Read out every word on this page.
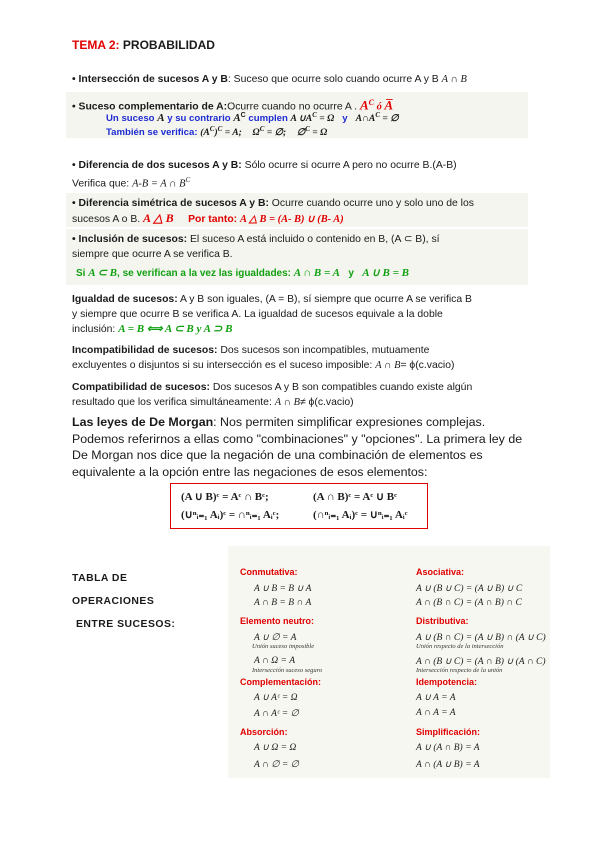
TEMA 2: PROBABILIDAD
• Intersección de sucesos A y B: Suceso que ocurre solo cuando ocurre A y B A ∩ B
• Suceso complementario de A:Ocurre cuando no ocurre A . $A^C$ ó A̅
Un suceso A y su contrario $A^C$ cumplen A $\cup A^C = \Omega$ y $A\cap A^C$ = ∅
También se verifica: $(A^C)^C = A$; $\Omega^C$ = ∅; ∅$^C$ = Ω
• Diferencia de dos sucesos A y B: Sólo ocurre si ocurre A pero no ocurre B.(A-B)
Verifica que: A-B = A ∩ $B^C$
• Diferencia simétrica de sucesos A y B: Ocurre cuando ocurre uno y solo uno de los
sucesos A o B. A △ B Por tanto: A △ B = (A- B) ∪ (B- A)
• Inclusión de sucesos: El suceso A está incluido o contenido en B, (A ⊂ B), sí
siempre que ocurre A se verifica B.
Si A ⊂ B, se verifican a la vez las igualdades: A ∩ B = A y A ∪ B = B
Igualdad de sucesos: A y B son iguales, (A = B), sí siempre que ocurre A se verifica B
y siempre que ocurre B se verifica A. La igualdad de sucesos equivale a la doble
inclusión: A = B ⟺ A ⊂ B y A ⊃ B
Incompatibilidad de sucesos: Dos sucesos son incompatibles, mutuamente
excluyentes o disjuntos si su intersección es el suceso imposible: A ∩ B= ϕ(c.vacio)
Compatibilidad de sucesos: Dos sucesos A y B son compatibles cuando existe algún
resultado que los verifica simultáneamente: A ∩ B≠ ϕ(c.vacio)
Las leyes de De Morgan: Nos permiten simplificar expresiones complejas.
Podemos referirnos a ellas como "combinaciones" y "opciones". La primera ley de
De Morgan nos dice que la negación de una combinación de elementos es
equivalente a la opción entre las negaciones de esos elementos:
(A ∪ B)ᶜ = Aᶜ ∩ Bᶜ;	(A ∩ B)ᶜ = Aᶜ ∪ Bᶜ
(∪ⁿᵢ₌₁ Aᵢ)ᶜ = ∩ⁿᵢ₌₁ Aᵢᶜ;	(∩ⁿᵢ₌₁ Aᵢ)ᶜ = ∪ⁿᵢ₌₁ Aᵢᶜ
TABLA DE
OPERACIONES
ENTRE SUCESOS:
Conmutativa:
A ∪ B = B ∪ A
A ∩ B = B ∩ A
Elemento neutro:
A ∪ ∅ = A
Unión suceso imposible
A ∩ Ω = A
Intersección suceso seguro
Complementación:
A ∪ Aᶜ = Ω
A ∩ Aᶜ = ∅
Absorción:
A ∪ Ω = Ω
A ∩ ∅ = ∅
Asociativa:
A ∪ (B ∪ C) = (A ∪ B) ∪ C
A ∩ (B ∩ C) = (A ∩ B) ∩ C
Distributiva:
A ∪ (B ∩ C) = (A ∪ B) ∩ (A ∪ C)
Unión respecto de la intersección
A ∩ (B ∪ C) = (A ∩ B) ∪ (A ∩ C)
Intersección respecto de la unión
Idempotencia:
A ∪ A = A
A ∩ A = A
Simplificación:
A ∪ (A ∩ B) = A
A ∩ (A ∪ B) = A
